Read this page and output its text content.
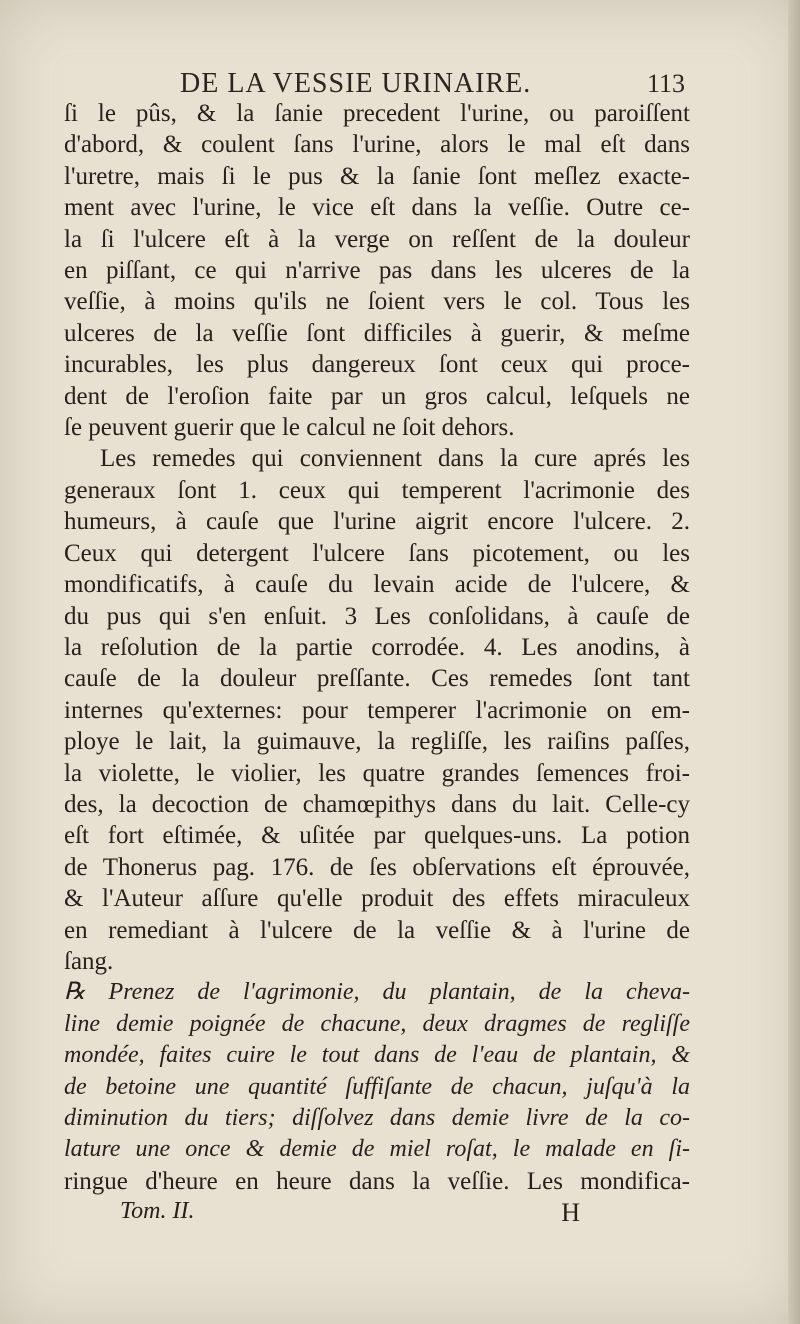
DE LA VESSIE URINAIRE.	113
ſi le pûs, & la ſanie precedent l'urine, ou paroiſſent
d'abord, & coulent ſans l'urine, alors le mal eſt dans
l'uretre, mais ſi le pus & la ſanie ſont meſlez exacte-
ment avec l'urine, le vice eſt dans la veſſie. Outre ce-
la ſi l'ulcere eſt à la verge on reſſent de la douleur
en piſſant, ce qui n'arrive pas dans les ulceres de la
veſſie, à moins qu'ils ne ſoient vers le col. Tous les
ulceres de la veſſie ſont difficiles à guerir, & meſme
incurables, les plus dangereux ſont ceux qui proce-
dent de l'eroſion faite par un gros calcul, leſquels ne
ſe peuvent guerir que le calcul ne ſoit dehors.
Les remedes qui conviennent dans la cure aprés les
generaux ſont 1. ceux qui temperent l'acrimonie des
humeurs, à cauſe que l'urine aigrit encore l'ulcere. 2.
Ceux qui detergent l'ulcere ſans picotement, ou les
mondificatifs, à cauſe du levain acide de l'ulcere, &
du pus qui s'en enſuit. 3 Les conſolidans, à cauſe de
la reſolution de la partie corrodée. 4. Les anodins, à
cauſe de la douleur preſſante. Ces remedes ſont tant
internes qu'externes: pour temperer l'acrimonie on em-
ploye le lait, la guimauve, la regliſſe, les raiſins paſſes,
la violette, le violier, les quatre grandes ſemences froi-
des, la decoction de chamœpithys dans du lait. Celle-cy
eſt fort eſtimée, & uſitée par quelques-uns. La potion
de Thonerus pag. 176. de ſes obſervations eſt éprouvée,
& l'Auteur aſſure qu'elle produit des effets miraculeux
en remediant à l'ulcere de la veſſie & à l'urine de
ſang.
℞ Prenez de l'agrimonie, du plantain, de la cheva-
line demie poignée de chacune, deux dragmes de regliſſe
mondée, faites cuire le tout dans de l'eau de plantain, &
de betoine une quantité ſuffiſante de chacun, juſqu'à la
diminution du tiers; diſſolvez dans demie livre de la co-
lature une once & demie de miel roſat, le malade en ſi-
ringue d'heure en heure dans la veſſie. Les mondifica-
Tom. II.	H
